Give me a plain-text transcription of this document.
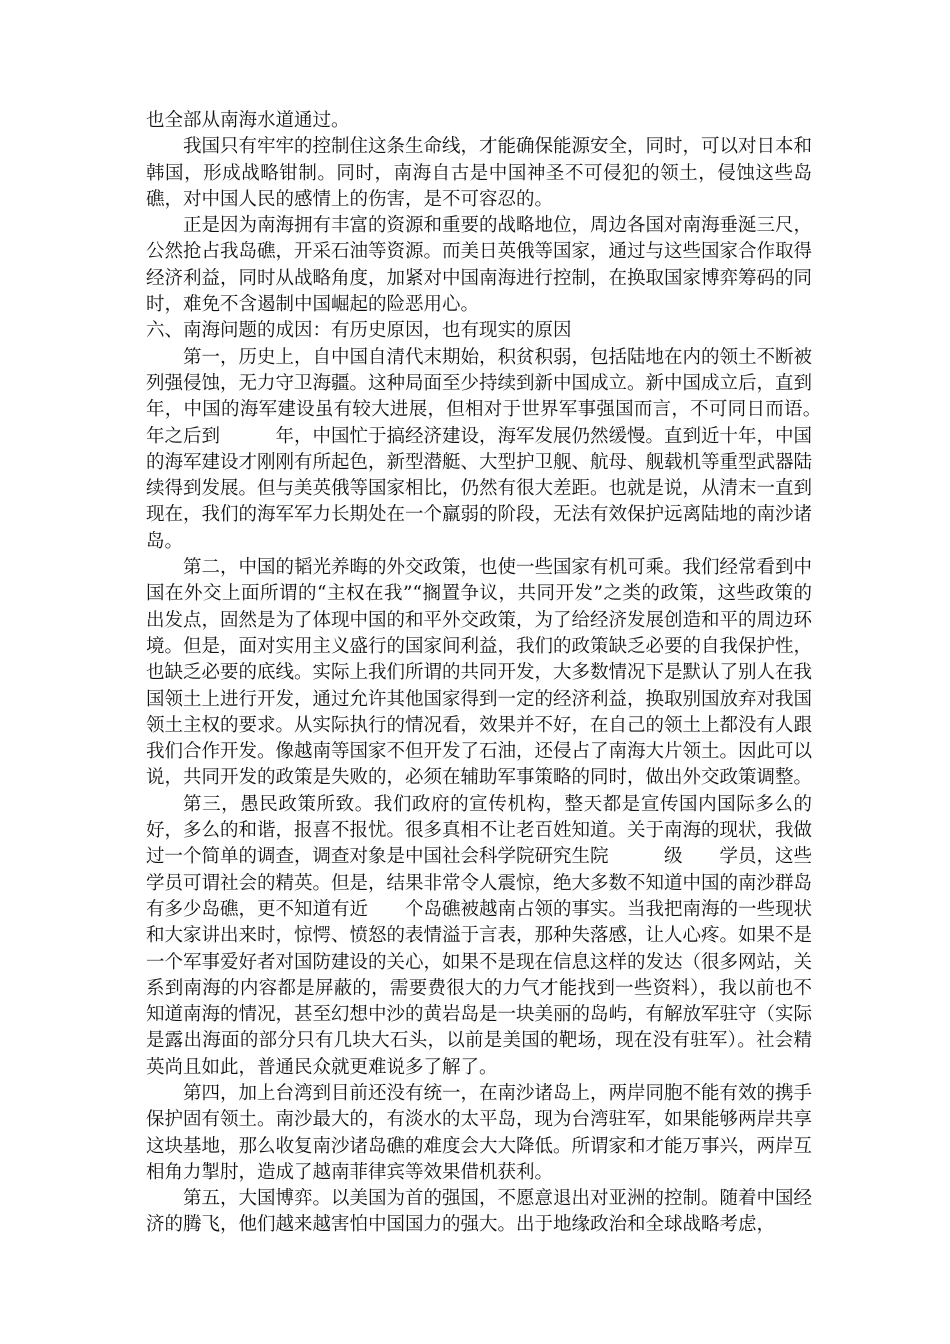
也全部从南海水道通过。

我国只有牢牢的控制住这条生命线，才能确保能源安全，同时，可以对日本和韩国，形成战略钳制。同时，南海自古是中国神圣不可侵犯的领土，侵蚀这些岛礁，对中国人民的感情上的伤害，是不可容忍的。

正是因为南海拥有丰富的资源和重要的战略地位，周边各国对南海垂涎三尺，公然抢占我岛礁，开采石油等资源。而美日英俄等国家，通过与这些国家合作取得经济利益，同时从战略角度，加紧对中国南海进行控制，在换取国家博弈筹码的同时，难免不含遏制中国崛起的险恶用心。

六、南海问题的成因：有历史原因，也有现实的原因

第一，历史上，自中国自清代末期始，积贫积弱，包括陆地在内的领土不断被列强侵蚀，无力守卫海疆。这种局面至少持续到新中国成立。新中国成立后，直到　　　年，中国的海军建设虽有较大进展，但相对于世界军事强国而言，不可同日而语。　　年之后到　　　年，中国忙于搞经济建设，海军发展仍然缓慢。直到近十年，中国的海军建设才刚刚有所起色，新型潜艇、大型护卫舰、航母、舰载机等重型武器陆续得到发展。但与美英俄等国家相比，仍然有很大差距。也就是说，从清末一直到现在，我们的海军军力长期处在一个羸弱的阶段，无法有效保护远离陆地的南沙诸岛。

第二，中国的韬光养晦的外交政策，也使一些国家有机可乘。我们经常看到中国在外交上面所谓的“主权在我”“搁置争议，共同开发”之类的政策，这些政策的出发点，固然是为了体现中国的和平外交政策，为了给经济发展创造和平的周边环境。但是，面对实用主义盛行的国家间利益，我们的政策缺乏必要的自我保护性，也缺乏必要的底线。实际上我们所谓的共同开发，大多数情况下是默认了别人在我国领土上进行开发，通过允许其他国家得到一定的经济利益，换取别国放弃对我国领土主权的要求。从实际执行的情况看，效果并不好，在自己的领土上都没有人跟我们合作开发。像越南等国家不但开发了石油，还侵占了南海大片领土。因此可以说，共同开发的政策是失败的，必须在辅助军事策略的同时，做出外交政策调整。

第三，愚民政策所致。我们政府的宣传机构，整天都是宣传国内国际多么的好，多么的和谐，报喜不报忧。很多真相不让老百姓知道。关于南海的现状，我做过一个简单的调查，调查对象是中国社会科学院研究生院　　　级　　学员，这些学员可谓社会的精英。但是，结果非常令人震惊，绝大多数不知道中国的南沙群岛有多少岛礁，更不知道有近　　个岛礁被越南占领的事实。当我把南海的一些现状和大家讲出来时，惊愕、愤怒的表情溢于言表，那种失落感，让人心疼。如果不是一个军事爱好者对国防建设的关心，如果不是现在信息这样的发达（很多网站，关系到南海的内容都是屏蔽的，需要费很大的力气才能找到一些资料），我以前也不知道南海的情况，甚至幻想中沙的黄岩岛是一块美丽的岛屿，有解放军驻守（实际是露出海面的部分只有几块大石头，以前是美国的靶场，现在没有驻军）。社会精英尚且如此，普通民众就更难说多了解了。

第四，加上台湾到目前还没有统一，在南沙诸岛上，两岸同胞不能有效的携手保护固有领土。南沙最大的，有淡水的太平岛，现为台湾驻军，如果能够两岸共享这块基地，那么收复南沙诸岛礁的难度会大大降低。所谓家和才能万事兴，两岸互相角力掣肘，造成了越南菲律宾等效果借机获利。

第五，大国博弈。以美国为首的强国，不愿意退出对亚洲的控制。随着中国经济的腾飞，他们越来越害怕中国国力的强大。出于地缘政治和全球战略考虑，
